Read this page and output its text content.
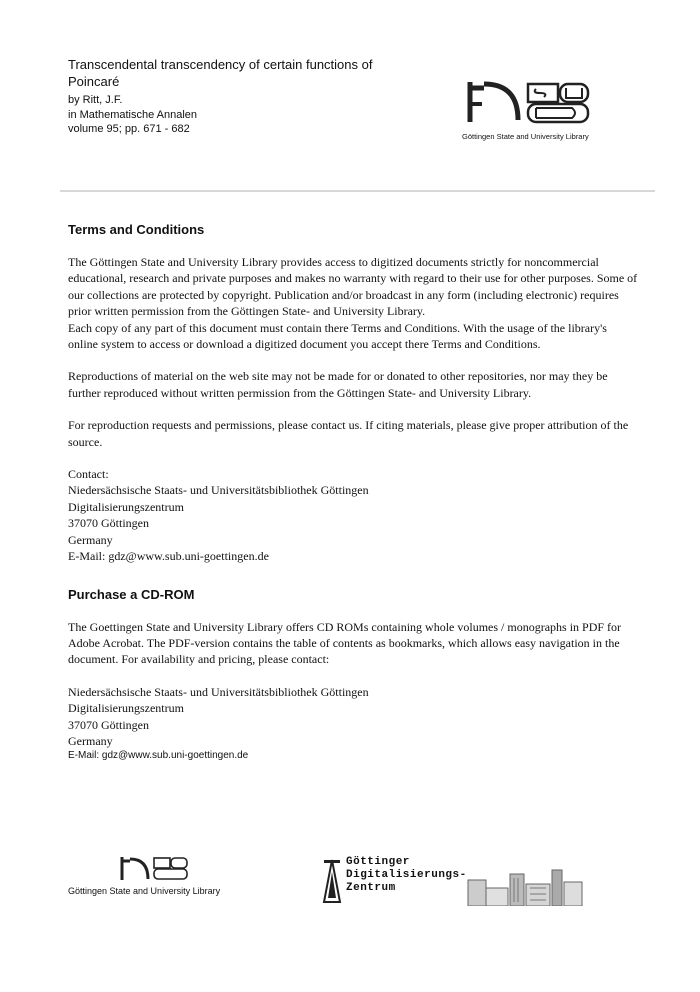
Transcendental transcendency of certain functions of
Poincaré
by Ritt, J.F.
in Mathematische Annalen
volume 95; pp. 671 - 682
Göttingen State and University Library
Terms and Conditions

The Göttingen State and University Library provides access to digitized documents strictly for noncommercial educational, research and private purposes and makes no warranty with regard to their use for other purposes. Some of our collections are protected by copyright. Publication and/or broadcast in any form (including electronic) requires prior written permission from the Göttingen State- and University Library.

Each copy of any part of this document must contain there Terms and Conditions. With the usage of the library's online system to access or download a digitized document you accept there Terms and Conditions.

Reproductions of material on the web site may not be made for or donated to other repositories, nor may they be further reproduced without written permission from the Göttingen State- and University Library.

For reproduction requests and permissions, please contact us. If citing materials, please give proper attribution of the source.

Contact:
Niedersächsische Staats- und Universitätsbibliothek Göttingen
Digitalisierungszentrum
37070 Göttingen
Germany
E-Mail: gdz@www.sub.uni-goettingen.de
Purchase a CD-ROM

The Goettingen State and University Library offers CD ROMs containing whole volumes / monographs in PDF for Adobe Acrobat. The PDF-version contains the table of contents as bookmarks, which allows easy navigation in the document. For availability and pricing, please contact:

Niedersächsische Staats- und Universitätsbibliothek Göttingen
Digitalisierungszentrum
37070 Göttingen
Germany
E-Mail: gdz@www.sub.uni-goettingen.de
Göttingen State and University Library
Göttinger
Digitalisierungs-
Zentrum
